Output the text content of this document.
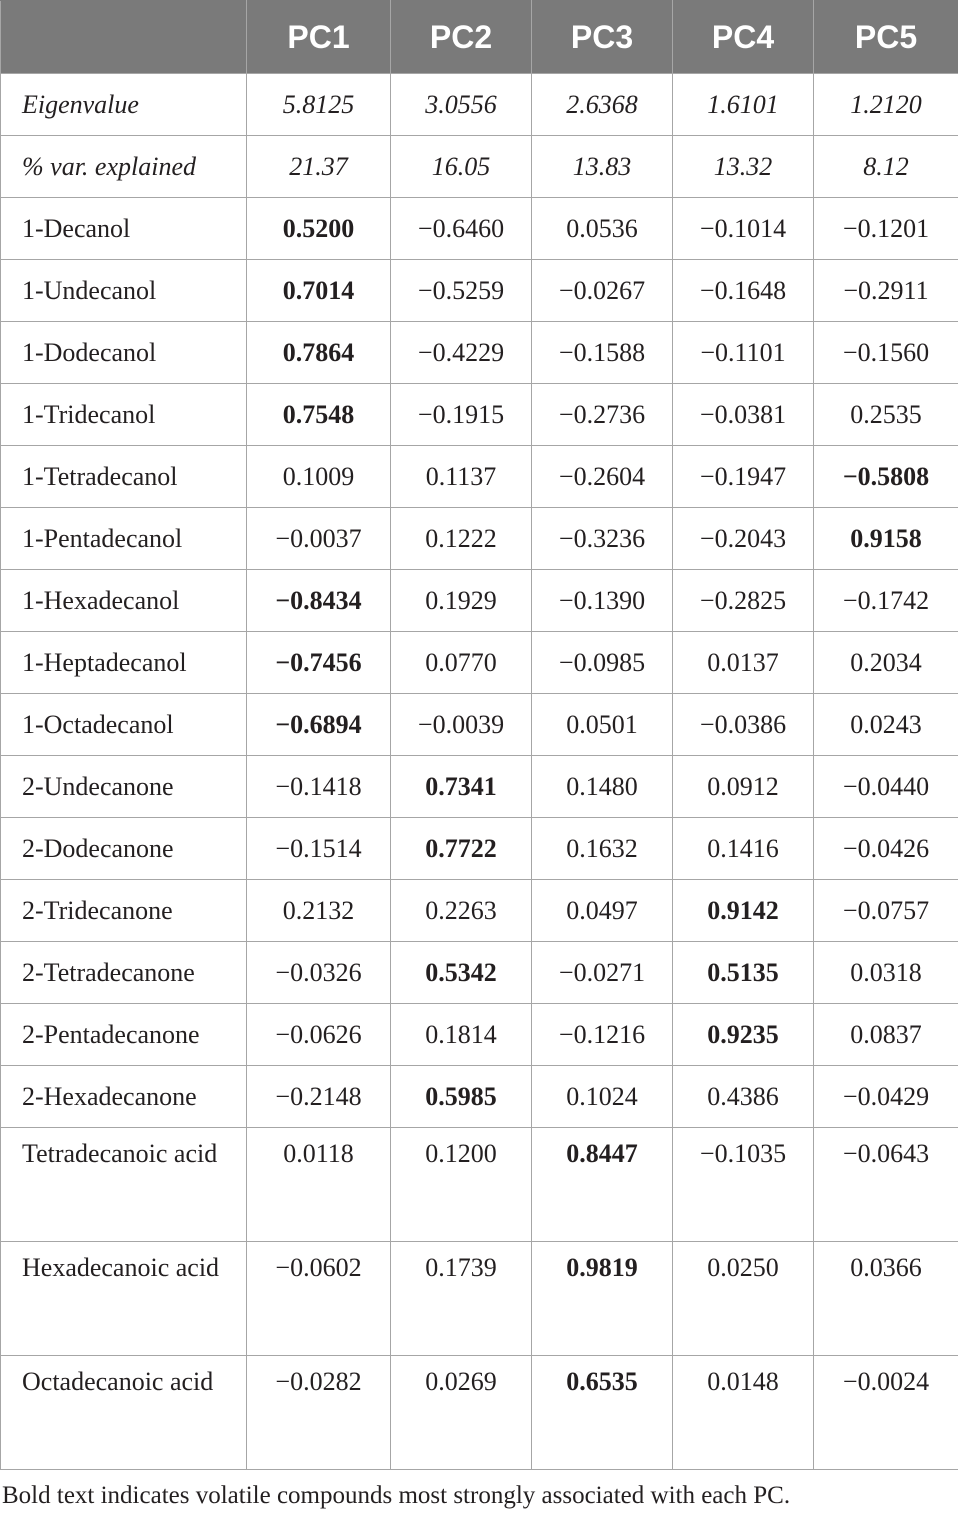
	PC1	PC2	PC3	PC4	PC5
Eigenvalue	5.8125	3.0556	2.6368	1.6101	1.2120
% var. explained	21.37	16.05	13.83	13.32	8.12
1-Decanol	0.5200	−0.6460	0.0536	−0.1014	−0.1201
1-Undecanol	0.7014	−0.5259	−0.0267	−0.1648	−0.2911
1-Dodecanol	0.7864	−0.4229	−0.1588	−0.1101	−0.1560
1-Tridecanol	0.7548	−0.1915	−0.2736	−0.0381	0.2535
1-Tetradecanol	0.1009	0.1137	−0.2604	−0.1947	−0.5808
1-Pentadecanol	−0.0037	0.1222	−0.3236	−0.2043	0.9158
1-Hexadecanol	−0.8434	0.1929	−0.1390	−0.2825	−0.1742
1-Heptadecanol	−0.7456	0.0770	−0.0985	0.0137	0.2034
1-Octadecanol	−0.6894	−0.0039	0.0501	−0.0386	0.0243
2-Undecanone	−0.1418	0.7341	0.1480	0.0912	−0.0440
2-Dodecanone	−0.1514	0.7722	0.1632	0.1416	−0.0426
2-Tridecanone	0.2132	0.2263	0.0497	0.9142	−0.0757
2-Tetradecanone	−0.0326	0.5342	−0.0271	0.5135	0.0318
2-Pentadecanone	−0.0626	0.1814	−0.1216	0.9235	0.0837
2-Hexadecanone	−0.2148	0.5985	0.1024	0.4386	−0.0429
Tetradecanoic acid	0.0118	0.1200	0.8447	−0.1035	−0.0643
Hexadecanoic acid	−0.0602	0.1739	0.9819	0.0250	0.0366
Octadecanoic acid	−0.0282	0.0269	0.6535	0.0148	−0.0024
Bold text indicates volatile compounds most strongly associated with each PC.
